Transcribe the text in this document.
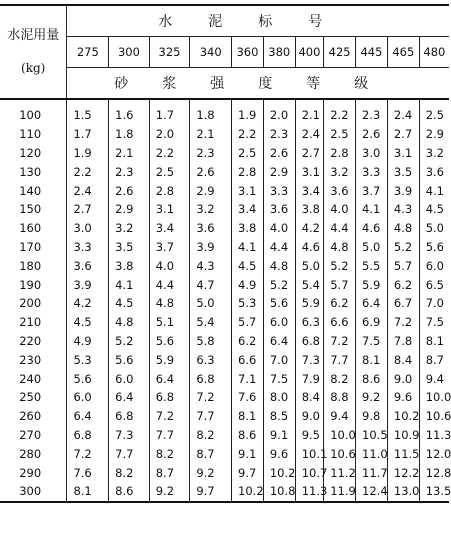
水泥用量
(kg)	水泥标号										
	275	300	325	340	360	380	400	425	445	465	480
	砂浆强度等级										
100	1.5	1.6	1.7	1.8	1.9	2.0	2.1	2.2	2.3	2.4	2.5
110	1.7	1.8	2.0	2.1	2.2	2.3	2.4	2.5	2.6	2.7	2.9
120	1.9	2.1	2.2	2.3	2.5	2.6	2.7	2.8	3.0	3.1	3.2
130	2.2	2.3	2.5	2.6	2.8	2.9	3.1	3.2	3.3	3.5	3.6
140	2.4	2.6	2.8	2.9	3.1	3.3	3.4	3.6	3.7	3.9	4.1
150	2.7	2.9	3.1	3.2	3.4	3.6	3.8	4.0	4.1	4.3	4.5
160	3.0	3.2	3.4	3.6	3.8	4.0	4.2	4.4	4.6	4.8	5.0
170	3.3	3.5	3.7	3.9	4.1	4.4	4.6	4.8	5.0	5.2	5.6
180	3.6	3.8	4.0	4.3	4.5	4.8	5.0	5.2	5.5	5.7	6.0
190	3.9	4.1	4.4	4.7	4.9	5.2	5.4	5.7	5.9	6.2	6.5
200	4.2	4.5	4.8	5.0	5.3	5.6	5.9	6.2	6.4	6.7	7.0
210	4.5	4.8	5.1	5.4	5.7	6.0	6.3	6.6	6.9	7.2	7.5
220	4.9	5.2	5.6	5.8	6.2	6.4	6.8	7.2	7.5	7.8	8.1
230	5.3	5.6	5.9	6.3	6.6	7.0	7.3	7.7	8.1	8.4	8.7
240	5.6	6.0	6.4	6.8	7.1	7.5	7.9	8.2	8.6	9.0	9.4
250	6.0	6.4	6.8	7.2	7.6	8.0	8.4	8.8	9.2	9.6	10.0
260	6.4	6.8	7.2	7.7	8.1	8.5	9.0	9.4	9.8	10.2	10.6
270	6.8	7.3	7.7	8.2	8.6	9.1	9.5	10.0	10.5	10.9	11.3
280	7.2	7.7	8.2	8.7	9.1	9.6	10.1	10.6	11.0	11.5	12.0
290	7.6	8.2	8.7	9.2	9.7	10.2	10.7	11.2	11.7	12.2	12.8
300	8.1	8.6	9.2	9.7	10.2	10.8	11.3	11.9	12.4	13.0	13.5
